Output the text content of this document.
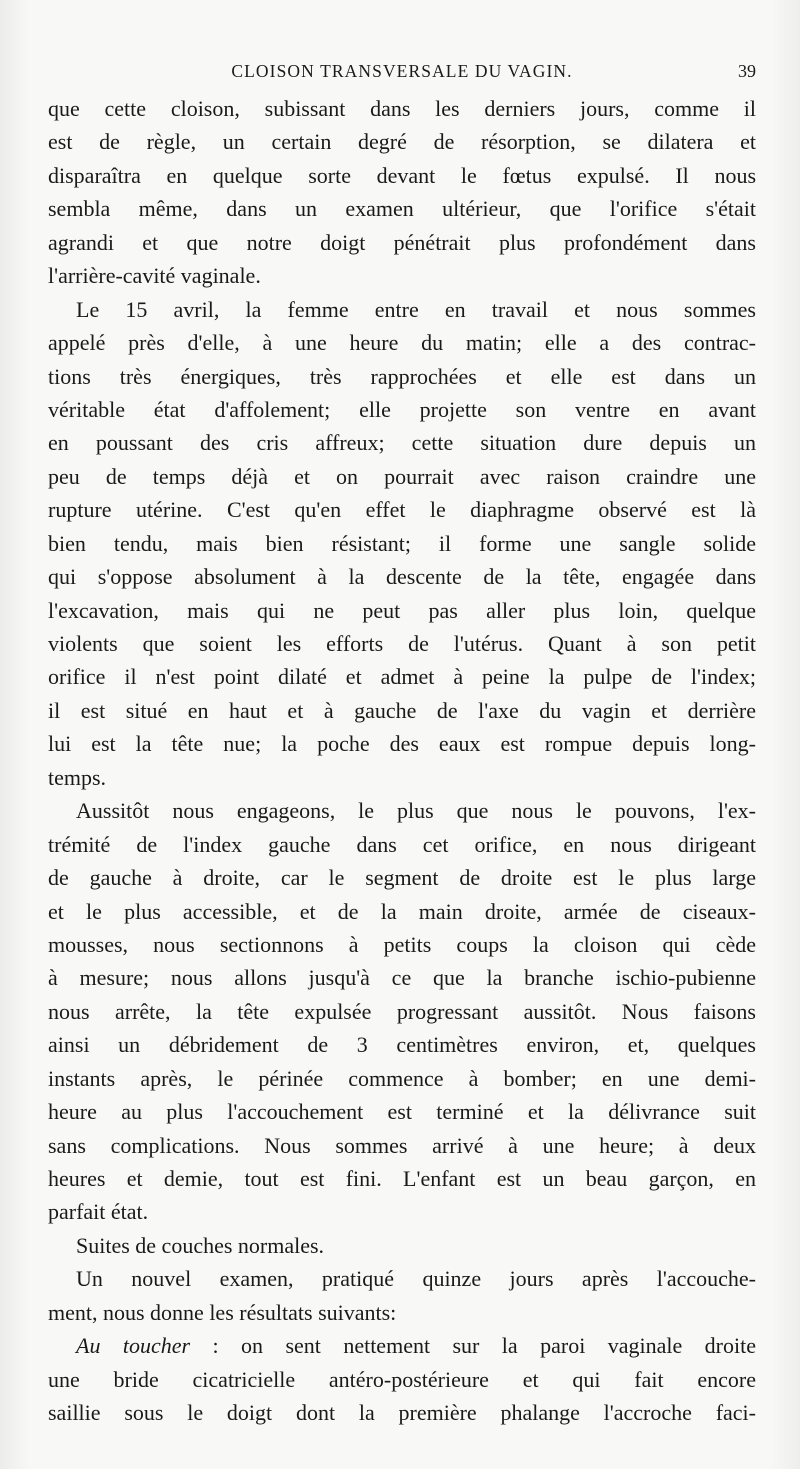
CLOISON TRANSVERSALE DU VAGIN.	39
que cette cloison, subissant dans les derniers jours, comme il
est de règle, un certain degré de résorption, se dilatera et
disparaîtra en quelque sorte devant le fœtus expulsé. Il nous
sembla même, dans un examen ultérieur, que l'orifice s'était
agrandi et que notre doigt pénétrait plus profondément dans
l'arrière-cavité vaginale.
Le 15 avril, la femme entre en travail et nous sommes
appelé près d'elle, à une heure du matin; elle a des contrac-
tions très énergiques, très rapprochées et elle est dans un
véritable état d'affolement; elle projette son ventre en avant
en poussant des cris affreux; cette situation dure depuis un
peu de temps déjà et on pourrait avec raison craindre une
rupture utérine. C'est qu'en effet le diaphragme observé est là
bien tendu, mais bien résistant; il forme une sangle solide
qui s'oppose absolument à la descente de la tête, engagée dans
l'excavation, mais qui ne peut pas aller plus loin, quelque
violents que soient les efforts de l'utérus. Quant à son petit
orifice il n'est point dilaté et admet à peine la pulpe de l'index;
il est situé en haut et à gauche de l'axe du vagin et derrière
lui est la tête nue; la poche des eaux est rompue depuis long-
temps.
Aussitôt nous engageons, le plus que nous le pouvons, l'ex-
trémité de l'index gauche dans cet orifice, en nous dirigeant
de gauche à droite, car le segment de droite est le plus large
et le plus accessible, et de la main droite, armée de ciseaux-
mousses, nous sectionnons à petits coups la cloison qui cède
à mesure; nous allons jusqu'à ce que la branche ischio-pubienne
nous arrête, la tête expulsée progressant aussitôt. Nous faisons
ainsi un débridement de 3 centimètres environ, et, quelques
instants après, le périnée commence à bomber; en une demi-
heure au plus l'accouchement est terminé et la délivrance suit
sans complications. Nous sommes arrivé à une heure; à deux
heures et demie, tout est fini. L'enfant est un beau garçon, en
parfait état.
Suites de couches normales.
Un nouvel examen, pratiqué quinze jours après l'accouche-
ment, nous donne les résultats suivants:
Au toucher : on sent nettement sur la paroi vaginale droite
une bride cicatricielle antéro-postérieure et qui fait encore
saillie sous le doigt dont la première phalange l'accroche faci-
